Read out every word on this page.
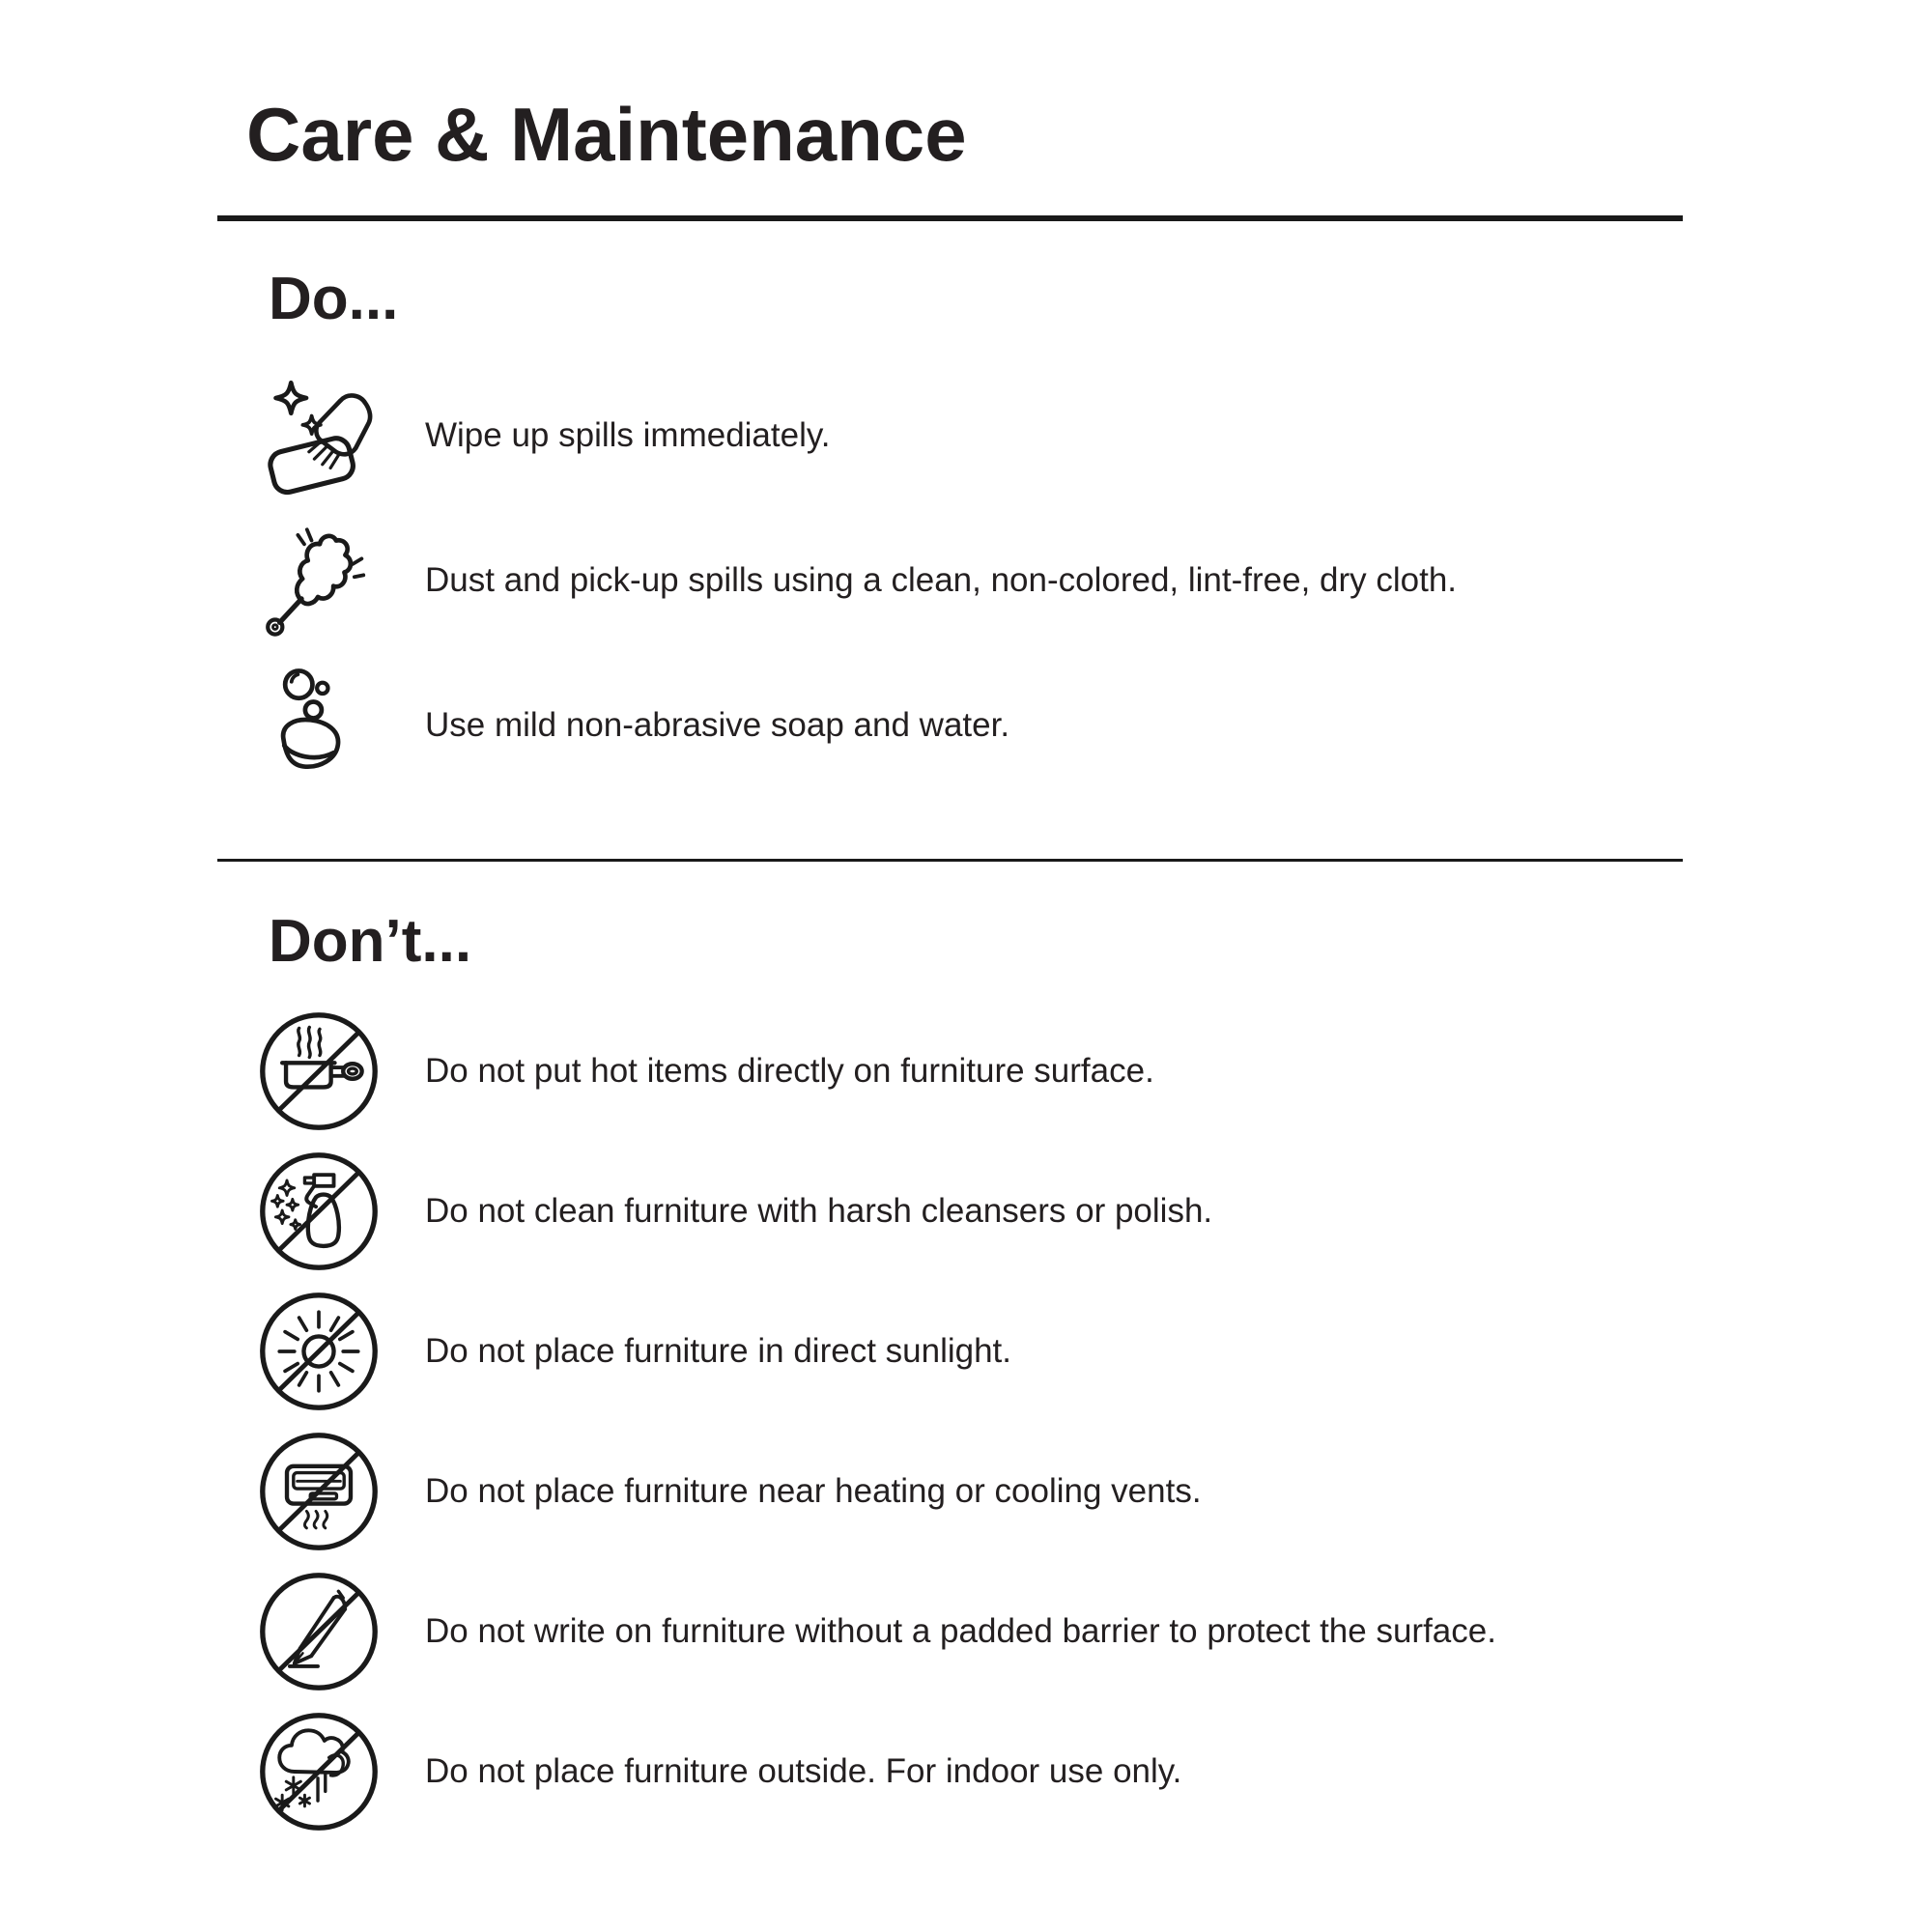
Care & Maintenance
Do...

Wipe up spills immediately.

Dust and pick-up spills using a clean, non-colored, lint-free, dry cloth.

Use mild non-abrasive soap and water.

Don’t...

Do not put hot items directly on furniture surface.

Do not clean furniture with harsh cleansers or polish.

Do not place furniture in direct sunlight.

Do not place furniture near heating or cooling vents.

Do not write on furniture without a padded barrier to protect the surface.

Do not place furniture outside. For indoor use only.
